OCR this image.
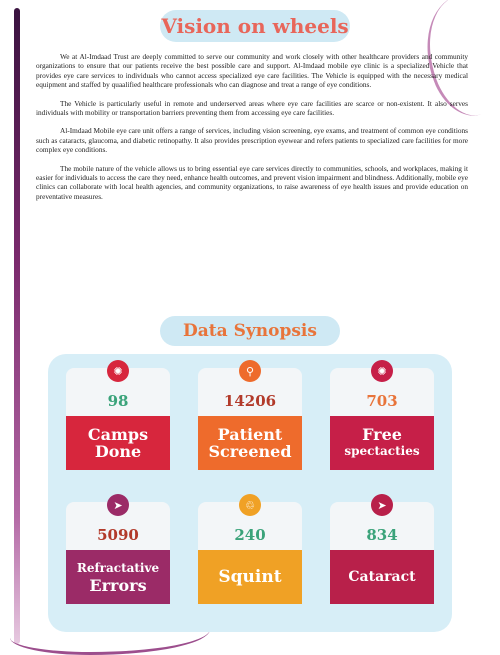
Vision on wheels

We at Al-Imdaad Trust are deeply committed to serve our community and work closely with other healthcare providers and community organizations to ensure that our patients receive the best possible care and support. Al-Imdaad mobile eye clinic is a specialized Vehicle that provides eye care services to individuals who cannot access specialized eye care facilities. The Vehicle is equipped with the necessary medical equipment and staffed by quaalified healthcare professionals who can diagnose and treat a range of eye conditions.

The Vehicle is particularly useful in remote and underserved areas where eye care facilities are scarce or non-existent. It also serves individuals with mobility or transportation barriers preventing them from accessing eye care facilities.

Al-Imdaad Mobile eye care unit offers a range of services, including vision screening, eye exams, and treatment of common eye conditions such as cataracts, glaucoma, and diabetic retinopathy. It also provides prescription eyewear and refers patients to specialized care facilities for more complex eye conditions.

The mobile nature of the vehicle allows us to bring essential eye care services directly to communities, schools, and workplaces, making it easier for individuals to access the care they need, enhance health outcomes, and prevent vision impairment and blindness. Additionally, mobile eye clinics can collaborate with local health agencies, and community organizations, to raise awareness of eye health issues and provide education on preventative measures.

Data Synopsis
✺
98
Camps
Done
⚲
14206
Patient
Screened
✺
703
Free
spectacties
➤
5090
Refractative
Errors
♲
240
Squint
➤
834
Cataract
